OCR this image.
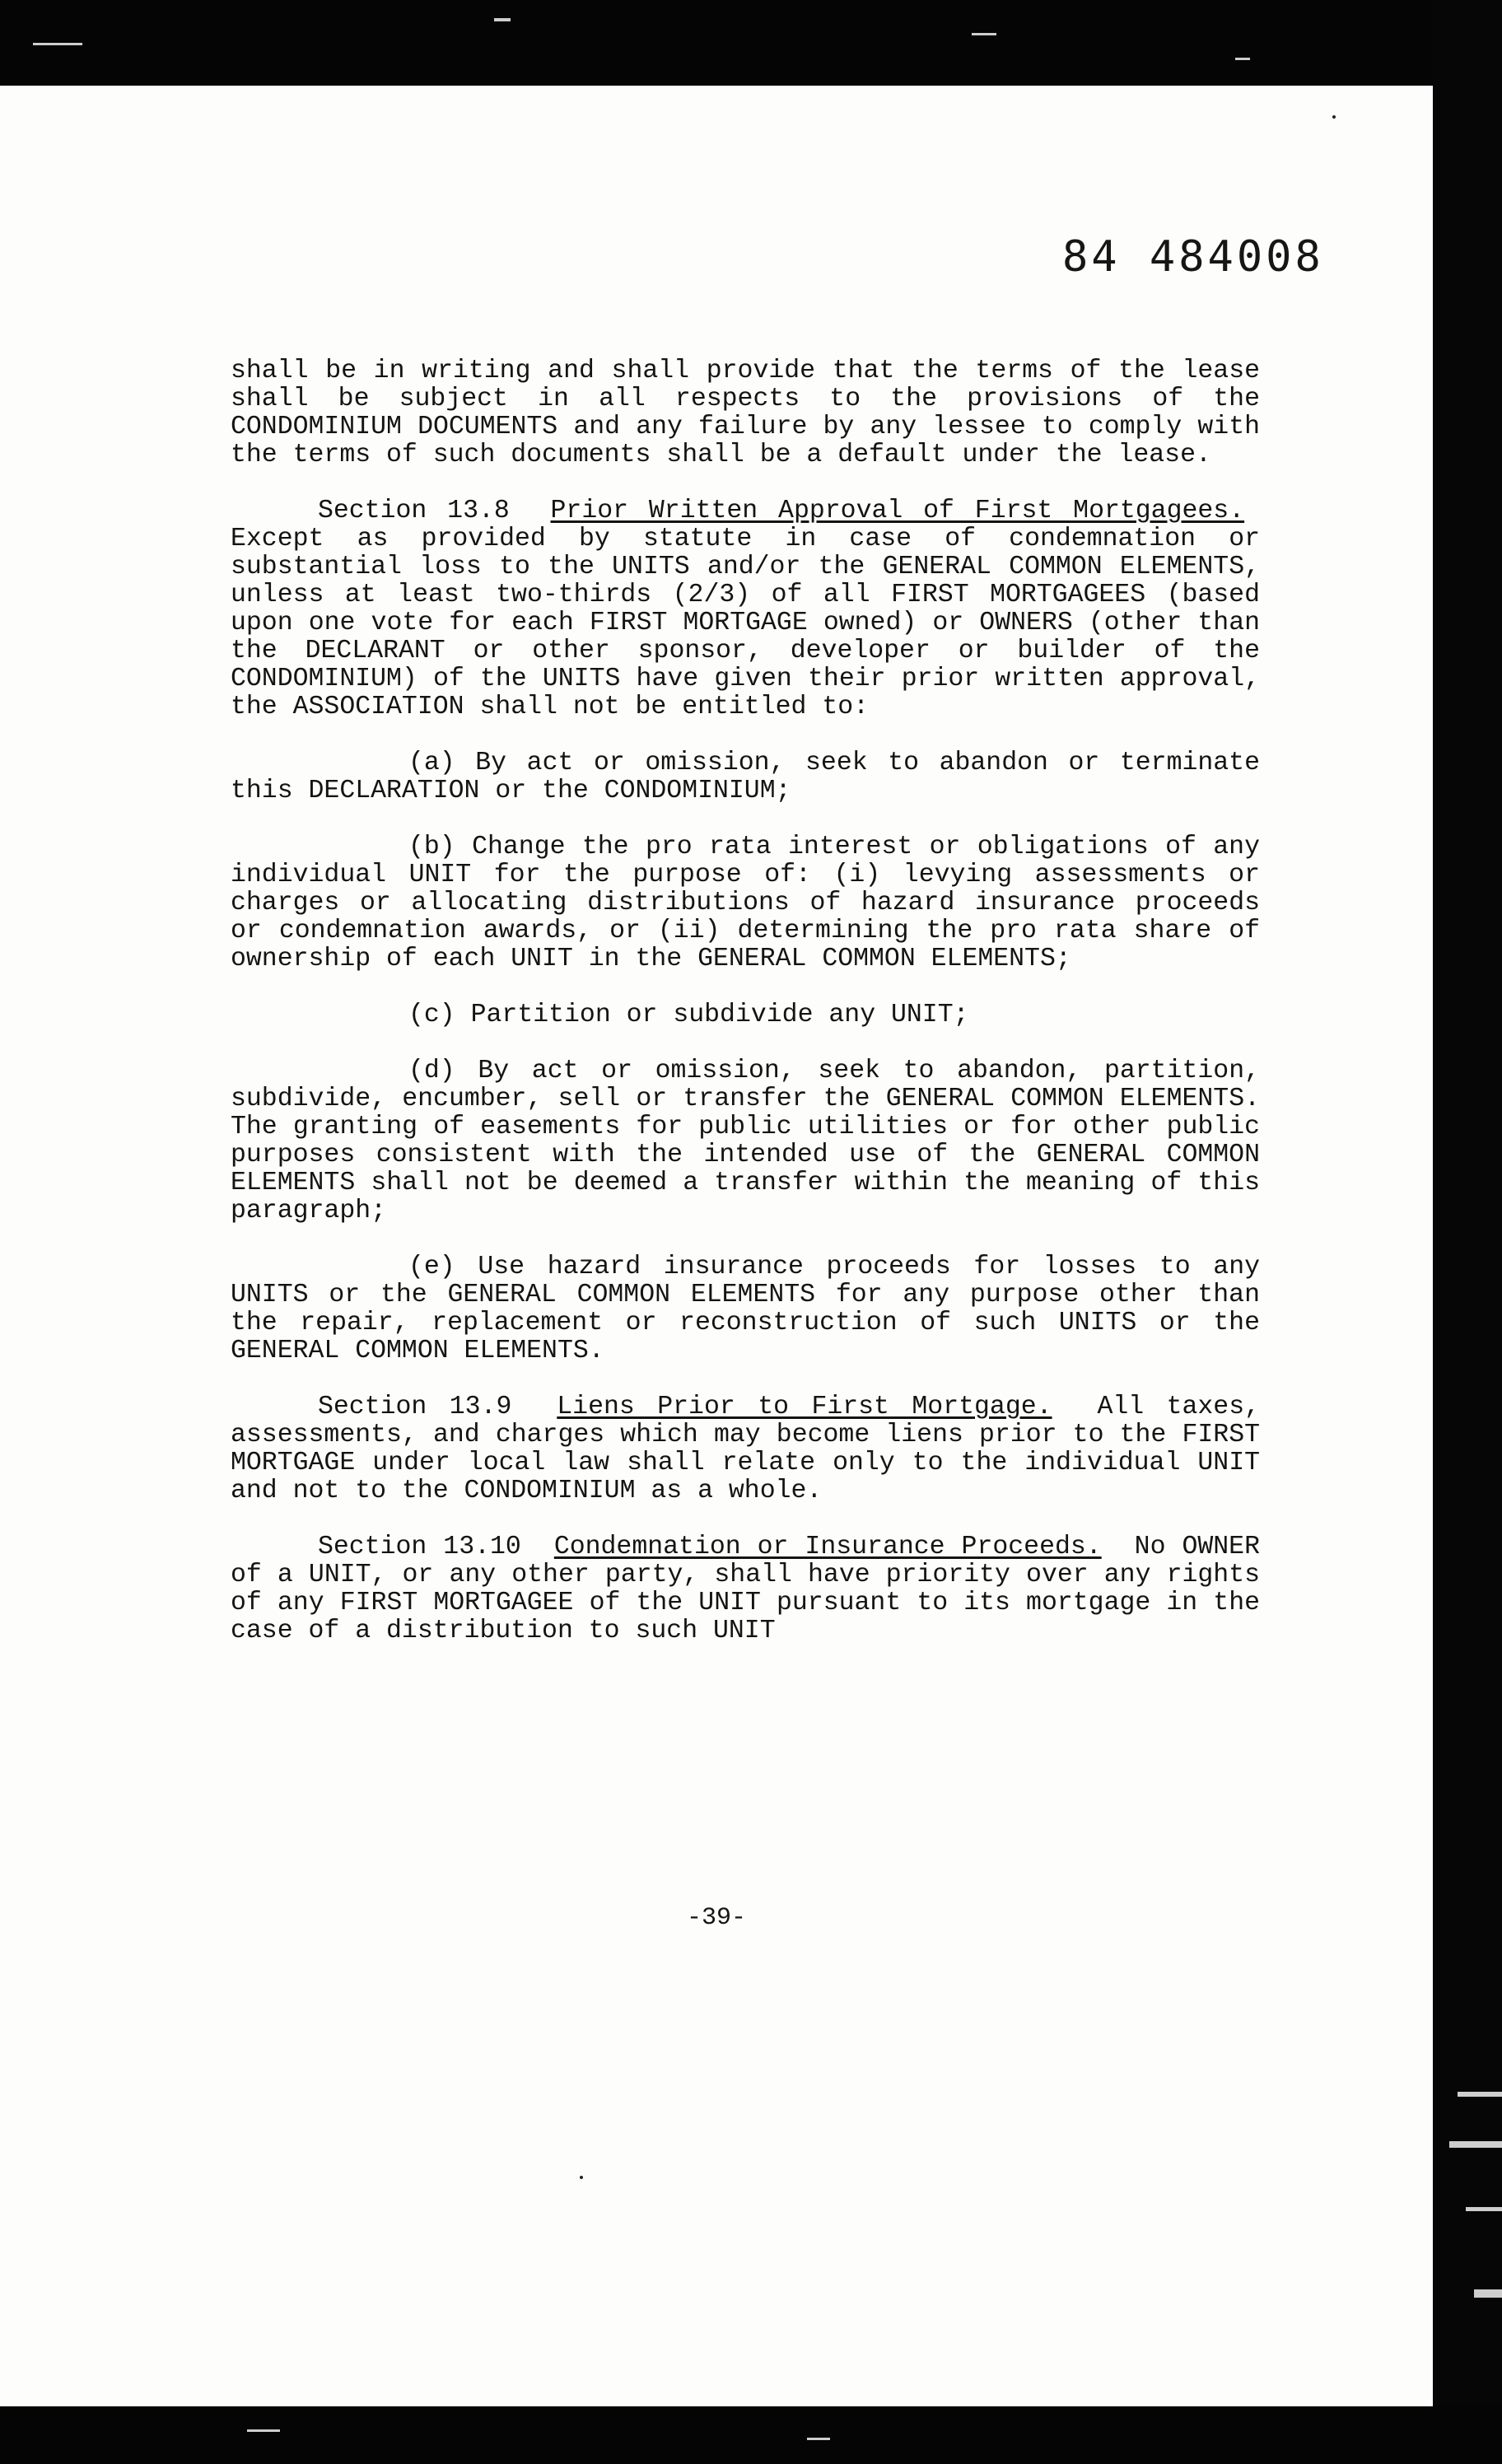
84 484008

shall be in writing and shall provide that the terms of the lease shall be subject in all respects to the provisions of the CONDOMINIUM DOCUMENTS and any failure by any lessee to comply with the terms of such documents shall be a default under the lease.

Section 13.8 Prior Written Approval of First Mortgagees.  Except as provided by statute in case of condemnation or substantial loss to the UNITS and/or the GENERAL COMMON ELEMENTS, unless at least two-thirds (2/3) of all FIRST MORTGAGEES (based upon one vote for each FIRST MORTGAGE owned) or OWNERS (other than the DECLARANT or other sponsor, developer or builder of the CONDOMINIUM) of the UNITS have given their prior written approval, the ASSOCIATION shall not be entitled to:

(a) By act or omission, seek to abandon or terminate this DECLARATION or the CONDOMINIUM;

(b) Change the pro rata interest or obligations of any individual UNIT for the purpose of: (i) levying assessments or charges or allocating distributions of hazard insurance proceeds or condemnation awards, or (ii) determining the pro rata share of ownership of each UNIT in the GENERAL COMMON ELEMENTS;

(c) Partition or subdivide any UNIT;

(d) By act or omission, seek to abandon, partition, subdivide, encumber, sell or transfer the GENERAL COMMON ELEMENTS. The granting of easements for public utilities or for other public purposes consistent with the intended use of the GENERAL COMMON ELEMENTS shall not be deemed a transfer within the meaning of this paragraph;

(e) Use hazard insurance proceeds for losses to any UNITS or the GENERAL COMMON ELEMENTS for any purpose other than the repair, replacement or reconstruction of such UNITS or the GENERAL COMMON ELEMENTS.

Section 13.9 Liens Prior to First Mortgage. All taxes, assessments, and charges which may become liens prior to the FIRST MORTGAGE under local law shall relate only to the individual UNIT and not to the CONDOMINIUM as a whole.

Section 13.10 Condemnation or Insurance Proceeds. No OWNER of a UNIT, or any other party, shall have priority over any rights of any FIRST MORTGAGEE of the UNIT pursuant to its mortgage in the case of a distribution to such UNIT

-39-
